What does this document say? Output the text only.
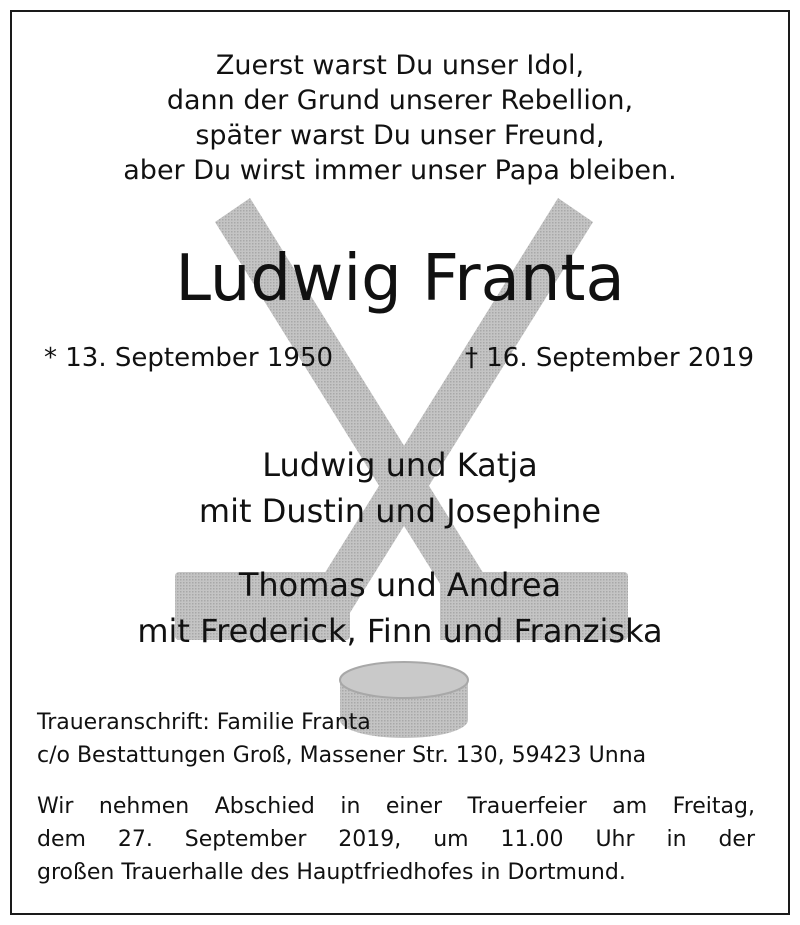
Zuerst warst Du unser Idol,
dann der Grund unserer Rebellion,
später warst Du unser Freund,
aber Du wirst immer unser Papa bleiben.
Ludwig Franta
* 13. September 1950	† 16. September 2019
Ludwig und Katja
mit Dustin und Josephine
Thomas und Andrea
mit Frederick, Finn und Franziska
Traueranschrift: Familie Franta
c/o Bestattungen Groß, Massener Str. 130, 59423 Unna
Wir nehmen Abschied in einer Trauerfeier am Freitag,
dem 27. September 2019, um 11.00 Uhr in der
großen Trauerhalle des Hauptfriedhofes in Dortmund.
